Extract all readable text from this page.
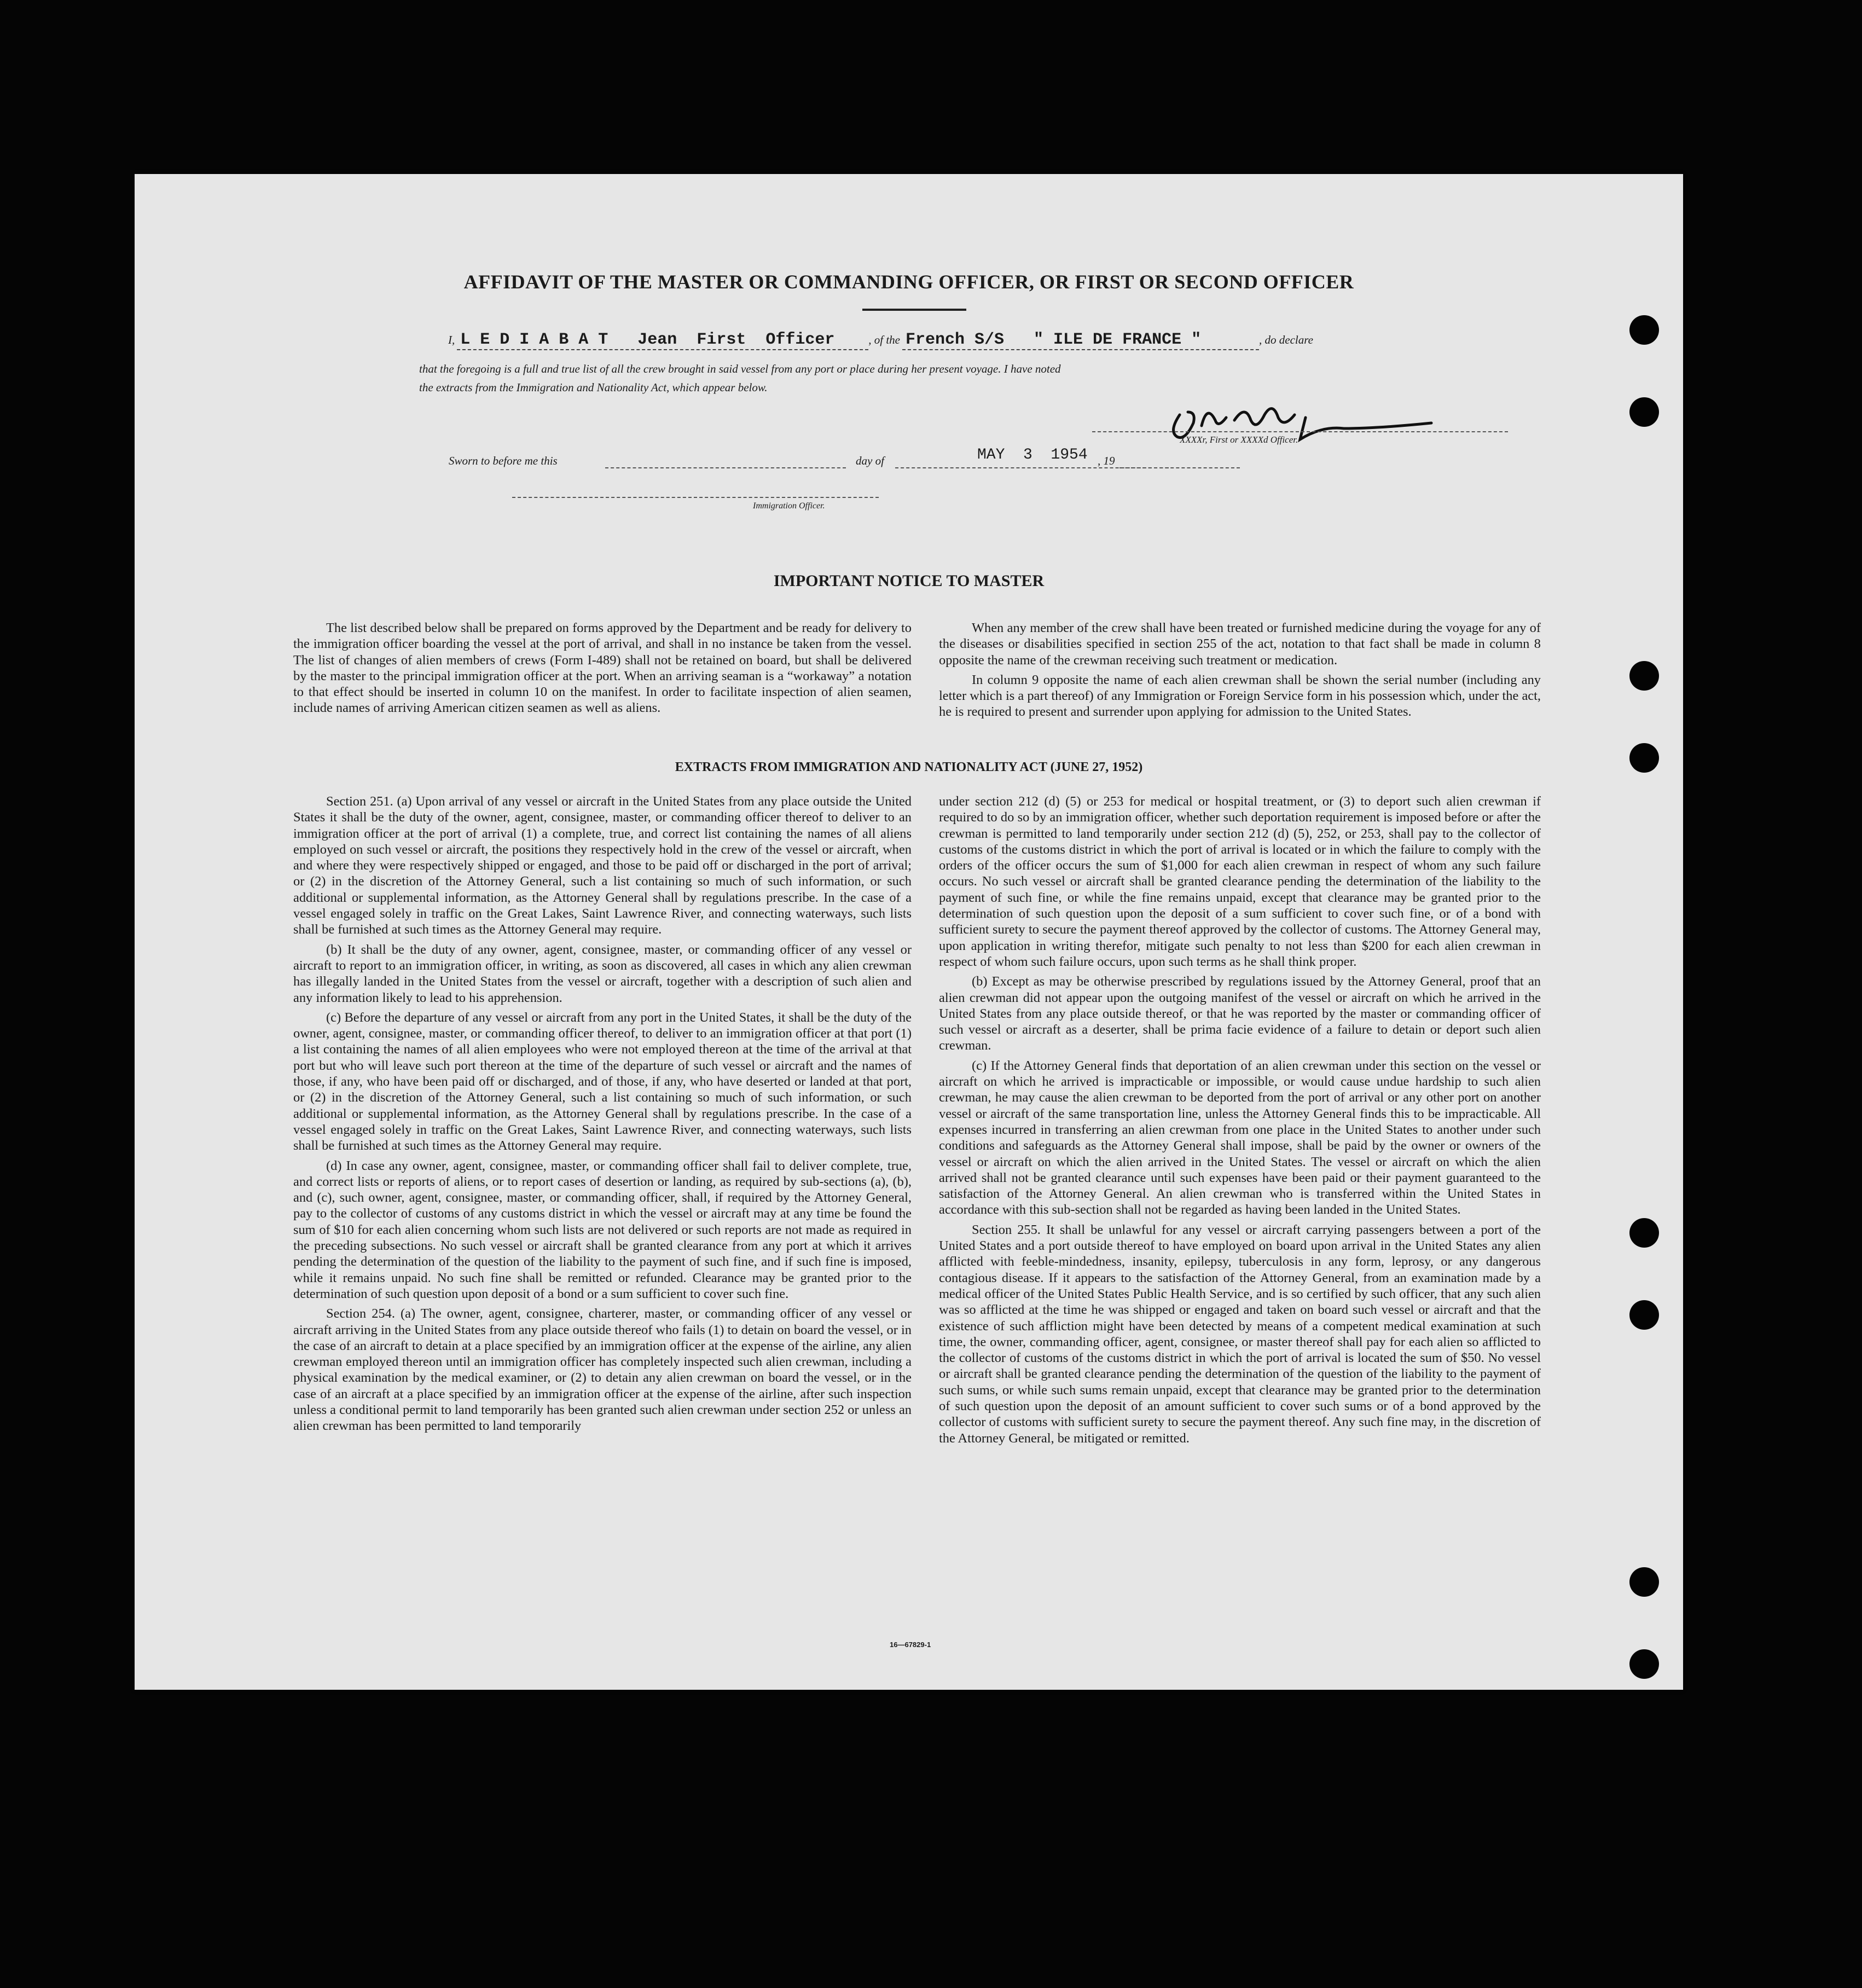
AFFIDAVIT OF THE MASTER OR COMMANDING OFFICER, OR FIRST OR SECOND OFFICER
I, L E D I A B A T   Jean  First  Officer	, of the French S/S   " ILE DE FRANCE "	, do declare
that the foregoing is a full and true list of all the crew brought in said vessel from any port or place during her present voyage. I have noted
the extracts from the Immigration and Nationality Act, which appear below.
XXXXr, First or XXXXd Officer.
Sworn to before me this	day of	MAY  3  1954 , 19
Immigration Officer.
IMPORTANT NOTICE TO MASTER

The list described below shall be prepared on forms approved by the Department and be ready for delivery to the immigration officer boarding the vessel at the port of arrival, and shall in no instance be taken from the vessel. The list of changes of alien members of crews (Form I-489) shall not be retained on board, but shall be delivered by the master to the principal immigration officer at the port. When an arriving seaman is a “workaway” a notation to that effect should be inserted in column 10 on the manifest. In order to facilitate inspection of alien seamen, include names of arriving American citizen seamen as well as aliens.

When any member of the crew shall have been treated or furnished medicine during the voyage for any of the diseases or disabilities specified in section 255 of the act, notation to that fact shall be made in column 8 opposite the name of the crewman receiving such treatment or medication.

In column 9 opposite the name of each alien crewman shall be shown the serial number (including any letter which is a part thereof) of any Immigration or Foreign Service form in his possession which, under the act, he is required to present and surrender upon applying for admission to the United States.

EXTRACTS FROM IMMIGRATION AND NATIONALITY ACT (JUNE 27, 1952)

Section 251. (a) Upon arrival of any vessel or aircraft in the United States from any place outside the United States it shall be the duty of the owner, agent, consignee, master, or commanding officer thereof to deliver to an immigration officer at the port of arrival (1) a complete, true, and correct list containing the names of all aliens employed on such vessel or aircraft, the positions they respectively hold in the crew of the vessel or aircraft, when and where they were respectively shipped or engaged, and those to be paid off or discharged in the port of arrival; or (2) in the discretion of the Attorney General, such a list containing so much of such information, or such additional or supplemental information, as the Attorney General shall by regulations prescribe. In the case of a vessel engaged solely in traffic on the Great Lakes, Saint Lawrence River, and connecting waterways, such lists shall be furnished at such times as the Attorney General may require.

(b) It shall be the duty of any owner, agent, consignee, master, or commanding officer of any vessel or aircraft to report to an immigration officer, in writing, as soon as discovered, all cases in which any alien crewman has illegally landed in the United States from the vessel or aircraft, together with a description of such alien and any information likely to lead to his apprehension.

(c) Before the departure of any vessel or aircraft from any port in the United States, it shall be the duty of the owner, agent, consignee, master, or commanding officer thereof, to deliver to an immigration officer at that port (1) a list containing the names of all alien employees who were not employed thereon at the time of the arrival at that port but who will leave such port thereon at the time of the departure of such vessel or aircraft and the names of those, if any, who have been paid off or discharged, and of those, if any, who have deserted or landed at that port, or (2) in the discretion of the Attorney General, such a list containing so much of such information, or such additional or supplemental information, as the Attorney General shall by regulations prescribe. In the case of a vessel engaged solely in traffic on the Great Lakes, Saint Lawrence River, and connecting waterways, such lists shall be furnished at such times as the Attorney General may require.

(d) In case any owner, agent, consignee, master, or commanding officer shall fail to deliver complete, true, and correct lists or reports of aliens, or to report cases of desertion or landing, as required by sub-sections (a), (b), and (c), such owner, agent, consignee, master, or commanding officer, shall, if required by the Attorney General, pay to the collector of customs of any customs district in which the vessel or aircraft may at any time be found the sum of $10 for each alien concerning whom such lists are not delivered or such reports are not made as required in the preceding subsections. No such vessel or aircraft shall be granted clearance from any port at which it arrives pending the determination of the question of the liability to the payment of such fine, and if such fine is imposed, while it remains unpaid. No such fine shall be remitted or refunded. Clearance may be granted prior to the determination of such question upon deposit of a bond or a sum sufficient to cover such fine.

Section 254. (a) The owner, agent, consignee, charterer, master, or commanding officer of any vessel or aircraft arriving in the United States from any place outside thereof who fails (1) to detain on board the vessel, or in the case of an aircraft to detain at a place specified by an immigration officer at the expense of the airline, any alien crewman employed thereon until an immigration officer has completely inspected such alien crewman, including a physical examination by the medical examiner, or (2) to detain any alien crewman on board the vessel, or in the case of an aircraft at a place specified by an immigration officer at the expense of the airline, after such inspection unless a conditional permit to land temporarily has been granted such alien crewman under section 252 or unless an alien crewman has been permitted to land temporarily

under section 212 (d) (5) or 253 for medical or hospital treatment, or (3) to deport such alien crewman if required to do so by an immigration officer, whether such deportation requirement is imposed before or after the crewman is permitted to land temporarily under section 212 (d) (5), 252, or 253, shall pay to the collector of customs of the customs district in which the port of arrival is located or in which the failure to comply with the orders of the officer occurs the sum of $1,000 for each alien crewman in respect of whom any such failure occurs. No such vessel or aircraft shall be granted clearance pending the determination of the liability to the payment of such fine, or while the fine remains unpaid, except that clearance may be granted prior to the determination of such question upon the deposit of a sum sufficient to cover such fine, or of a bond with sufficient surety to secure the payment thereof approved by the collector of customs. The Attorney General may, upon application in writing therefor, mitigate such penalty to not less than $200 for each alien crewman in respect of whom such failure occurs, upon such terms as he shall think proper.

(b) Except as may be otherwise prescribed by regulations issued by the Attorney General, proof that an alien crewman did not appear upon the outgoing manifest of the vessel or aircraft on which he arrived in the United States from any place outside thereof, or that he was reported by the master or commanding officer of such vessel or aircraft as a deserter, shall be prima facie evidence of a failure to detain or deport such alien crewman.

(c) If the Attorney General finds that deportation of an alien crewman under this section on the vessel or aircraft on which he arrived is impracticable or impossible, or would cause undue hardship to such alien crewman, he may cause the alien crewman to be deported from the port of arrival or any other port on another vessel or aircraft of the same transportation line, unless the Attorney General finds this to be impracticable. All expenses incurred in transferring an alien crewman from one place in the United States to another under such conditions and safeguards as the Attorney General shall impose, shall be paid by the owner or owners of the vessel or aircraft on which the alien arrived in the United States. The vessel or aircraft on which the alien arrived shall not be granted clearance until such expenses have been paid or their payment guaranteed to the satisfaction of the Attorney General. An alien crewman who is transferred within the United States in accordance with this sub-section shall not be regarded as having been landed in the United States.

Section 255. It shall be unlawful for any vessel or aircraft carrying passengers between a port of the United States and a port outside thereof to have employed on board upon arrival in the United States any alien afflicted with feeble-mindedness, insanity, epilepsy, tuberculosis in any form, leprosy, or any dangerous contagious disease. If it appears to the satisfaction of the Attorney General, from an examination made by a medical officer of the United States Public Health Service, and is so certified by such officer, that any such alien was so afflicted at the time he was shipped or engaged and taken on board such vessel or aircraft and that the existence of such affliction might have been detected by means of a competent medical examination at such time, the owner, commanding officer, agent, consignee, or master thereof shall pay for each alien so afflicted to the collector of customs of the customs district in which the port of arrival is located the sum of $50. No vessel or aircraft shall be granted clearance pending the determination of the question of the liability to the payment of such sums, or while such sums remain unpaid, except that clearance may be granted prior to the determination of such question upon the deposit of an amount sufficient to cover such sums or of a bond approved by the collector of customs with sufficient surety to secure the payment thereof. Any such fine may, in the discretion of the Attorney General, be mitigated or remitted.

16—67829-1
